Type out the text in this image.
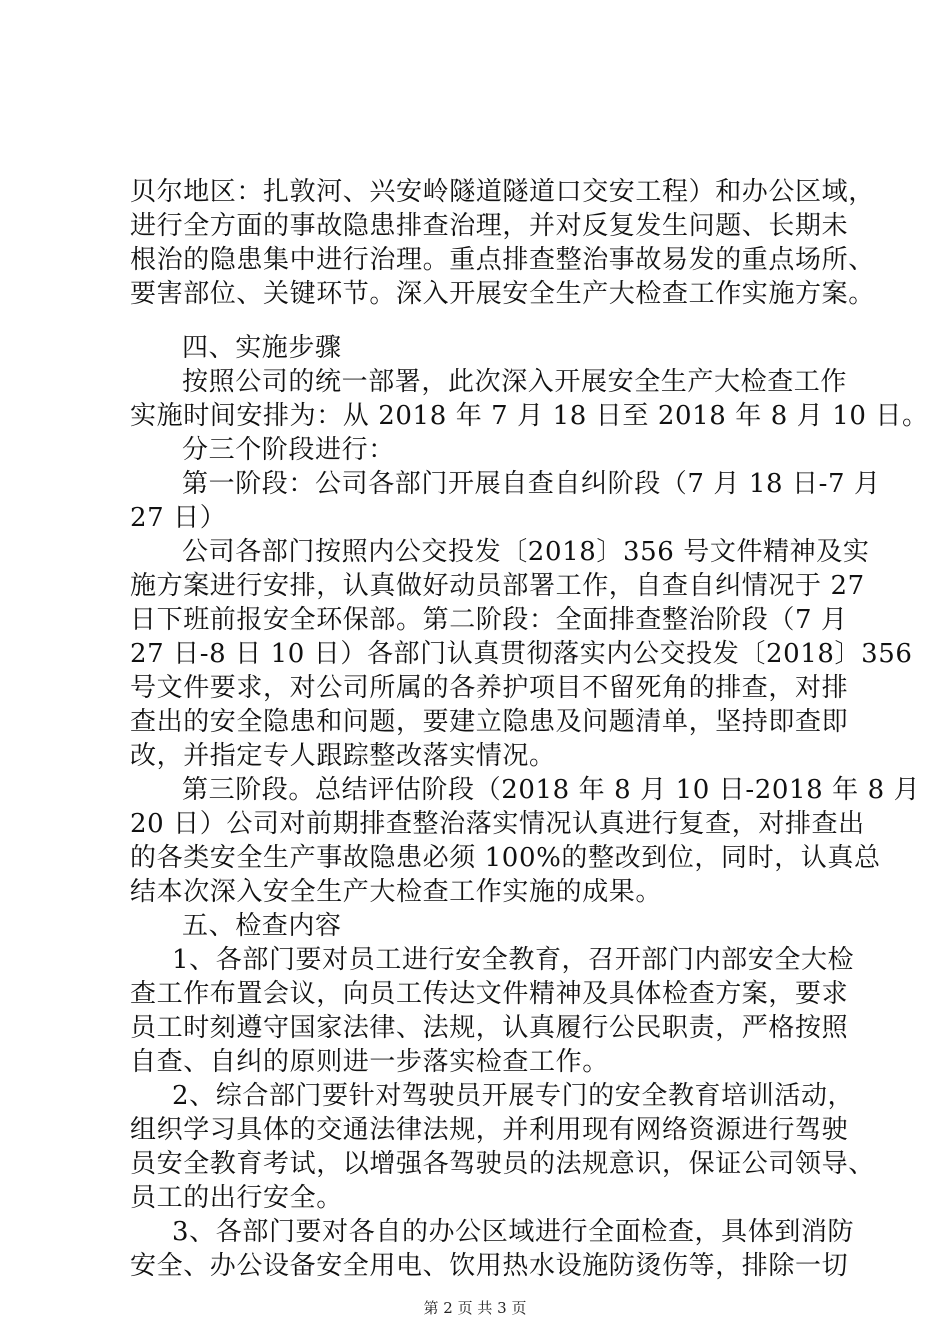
贝尔地区：扎敦河、兴安岭隧道隧道口交安工程）和办公区域，
进行全方面的事故隐患排查治理，并对反复发生问题、长期未
根治的隐患集中进行治理。重点排查整治事故易发的重点场所、
要害部位、关键环节。深入开展安全生产大检查工作实施方案。
四、实施步骤
按照公司的统一部署，此次深入开展安全生产大检查工作
实施时间安排为：从 2018 年 7 月 18 日至 2018 年 8 月 10 日。
分三个阶段进行：
第一阶段：公司各部门开展自查自纠阶段（7 月 18 日-7 月
27 日）
公司各部门按照内公交投发〔2018〕356 号文件精神及实
施方案进行安排，认真做好动员部署工作，自查自纠情况于 27
日下班前报安全环保部。第二阶段：全面排查整治阶段（7 月
27 日-8 日 10 日）各部门认真贯彻落实内公交投发〔2018〕356
号文件要求，对公司所属的各养护项目不留死角的排查，对排
查出的安全隐患和问题，要建立隐患及问题清单，坚持即查即
改，并指定专人跟踪整改落实情况。
第三阶段。总结评估阶段（2018 年 8 月 10 日-2018 年 8 月
20 日）公司对前期排查整治落实情况认真进行复查，对排查出
的各类安全生产事故隐患必须 100%的整改到位，同时，认真总
结本次深入安全生产大检查工作实施的成果。
五、检查内容
1、各部门要对员工进行安全教育，召开部门内部安全大检
查工作布置会议，向员工传达文件精神及具体检查方案，要求
员工时刻遵守国家法律、法规，认真履行公民职责，严格按照
自查、自纠的原则进一步落实检查工作。
2、综合部门要针对驾驶员开展专门的安全教育培训活动，
组织学习具体的交通法律法规，并利用现有网络资源进行驾驶
员安全教育考试，以增强各驾驶员的法规意识，保证公司领导、
员工的出行安全。
3、各部门要对各自的办公区域进行全面检查，具体到消防
安全、办公设备安全用电、饮用热水设施防烫伤等，排除一切
第 2 页 共 3 页
